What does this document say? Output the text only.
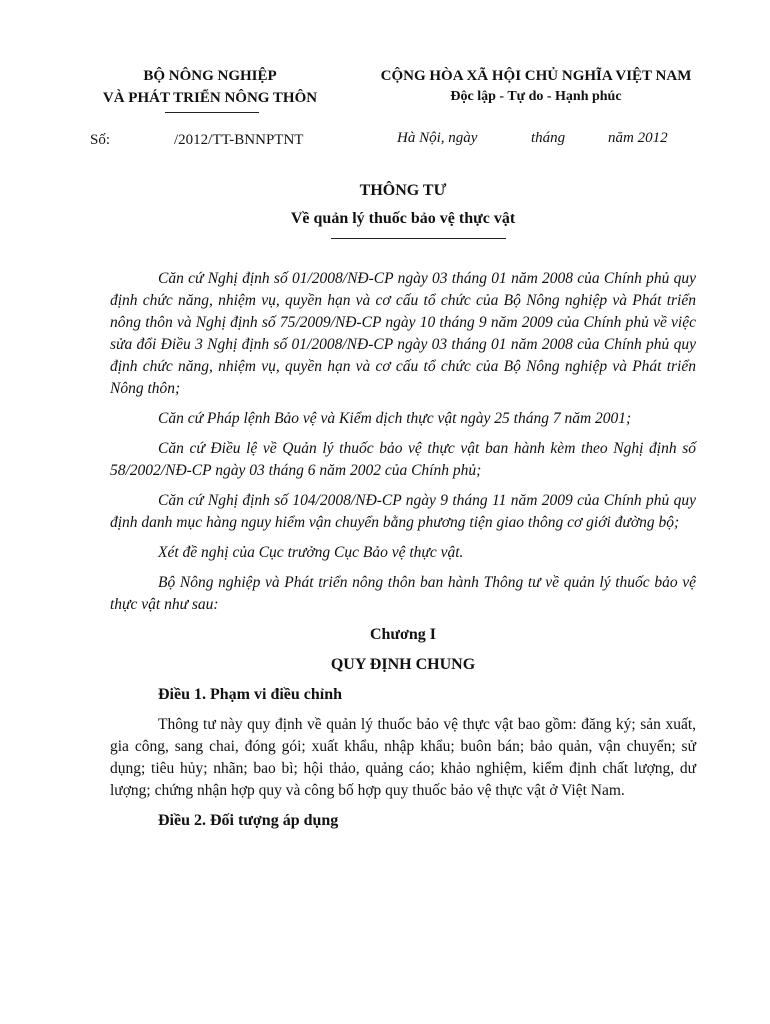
BỘ NÔNG NGHIỆP
VÀ PHÁT TRIỂN NÔNG THÔN
CỘNG HÒA XÃ HỘI CHỦ NGHĨA VIỆT NAM
Độc lập - Tự do - Hạnh phúc
Số:	/2012/TT-BNNPTNT	Hà Nội, ngày	tháng	năm 2012
THÔNG TƯ
Về quản lý thuốc bảo vệ thực vật

Căn cứ Nghị định số 01/2008/NĐ-CP ngày 03 tháng 01 năm 2008 của Chính phủ quy định chức năng, nhiệm vụ, quyền hạn và cơ cấu tổ chức của Bộ Nông nghiệp và Phát triển nông thôn và Nghị định số 75/2009/NĐ-CP ngày 10 tháng 9 năm 2009 của Chính phủ về việc sửa đổi Điều 3 Nghị định số 01/2008/NĐ-CP ngày 03 tháng 01 năm 2008 của Chính phủ quy định chức năng, nhiệm vụ, quyền hạn và cơ cấu tổ chức của Bộ Nông nghiệp và Phát triển Nông thôn;

Căn cứ Pháp lệnh Bảo vệ và Kiểm dịch thực vật ngày 25 tháng 7 năm 2001;

Căn cứ Điều lệ về Quản lý thuốc bảo vệ thực vật ban hành kèm theo Nghị định số 58/2002/NĐ-CP ngày 03 tháng 6 năm 2002 của Chính phủ;

Căn cứ Nghị định số 104/2008/NĐ-CP ngày 9 tháng 11 năm 2009 của Chính phủ quy định danh mục hàng nguy hiểm vận chuyển bằng phương tiện giao thông cơ giới đường bộ;

Xét đề nghị của Cục trưởng Cục Bảo vệ thực vật.

Bộ Nông nghiệp và Phát triển nông thôn ban hành Thông tư về quản lý thuốc bảo vệ thực vật như sau:

Chương I

QUY ĐỊNH CHUNG

Điều 1. Phạm vi điều chỉnh

Thông tư này quy định về quản lý thuốc bảo vệ thực vật bao gồm: đăng ký; sản xuất, gia công, sang chai, đóng gói; xuất khẩu, nhập khẩu; buôn bán; bảo quản, vận chuyển; sử dụng; tiêu hủy; nhãn; bao bì; hội thảo, quảng cáo; khảo nghiệm, kiểm định chất lượng, dư lượng; chứng nhận hợp quy và công bố hợp quy thuốc bảo vệ thực vật ở Việt Nam.

Điều 2. Đối tượng áp dụng
